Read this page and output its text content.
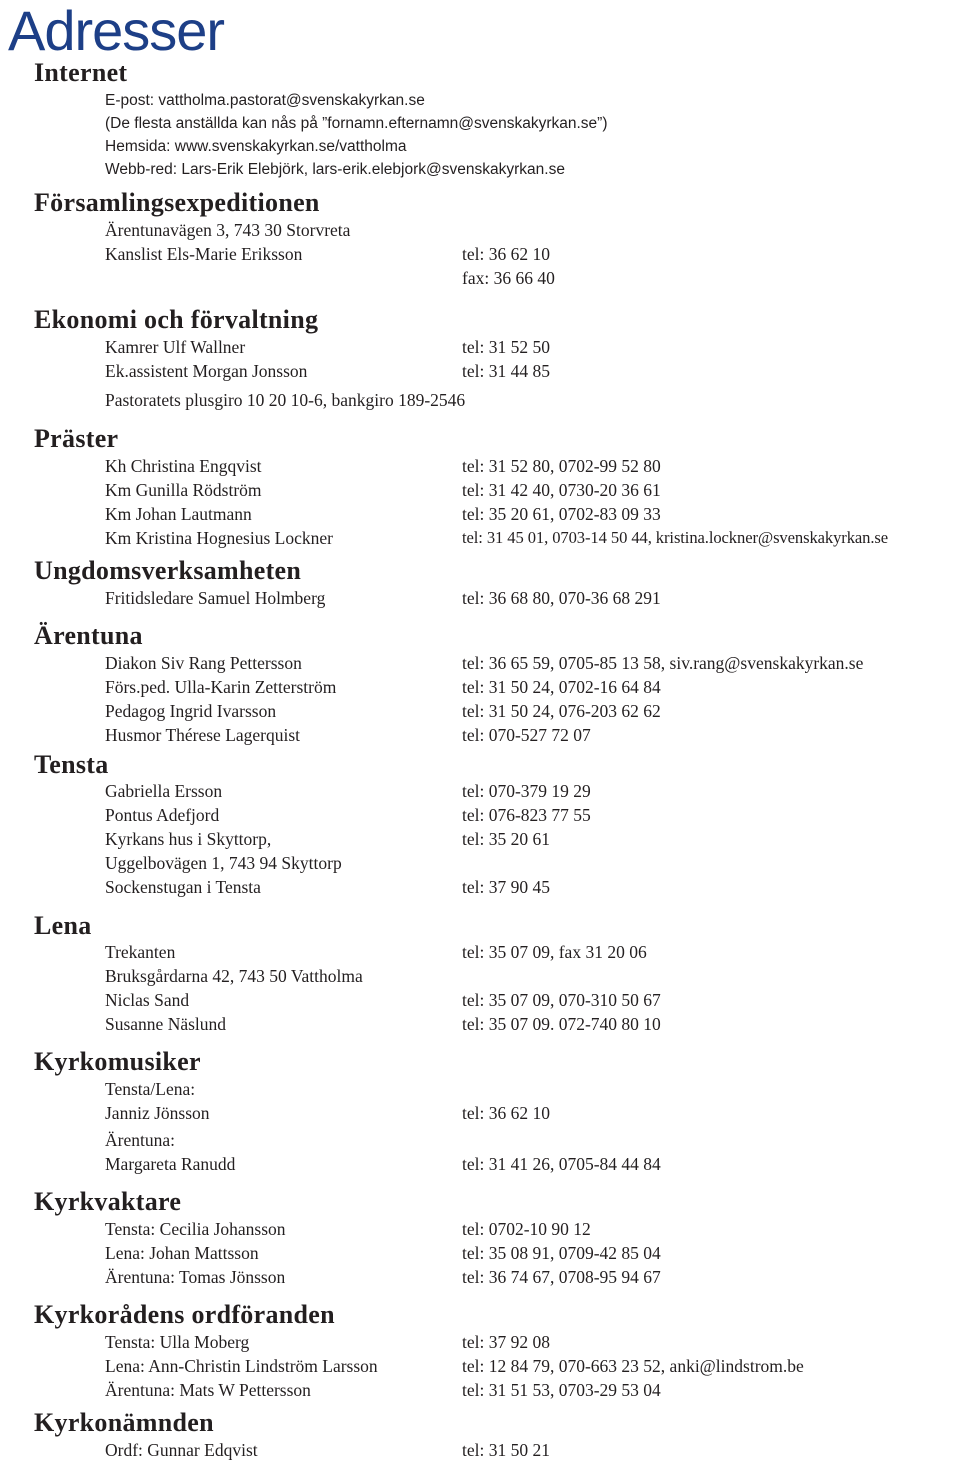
Adresser
Internet
E-post: vattholma.pastorat@svenskakyrkan.se
(De flesta anställda kan nås på ”fornamn.efternamn@svenskakyrkan.se”)
Hemsida: www.svenskakyrkan.se/vattholma
Webb-red: Lars-Erik Elebjörk, lars-erik.elebjork@svenskakyrkan.se
Församlingsexpeditionen
Ärentunavägen 3, 743 30 Storvreta
Kanslist Els-Marie Eriksson	tel: 36 62 10
fax: 36 66 40
Ekonomi och förvaltning
Kamrer Ulf Wallner	tel: 31 52 50
Ek.assistent Morgan Jonsson	tel: 31 44 85
Pastoratets plusgiro 10 20 10-6, bankgiro 189-2546
Präster
Kh Christina Engqvist	tel: 31 52 80, 0702-99 52 80
Km Gunilla Rödström	tel: 31 42 40, 0730-20 36 61
Km Johan Lautmann	tel: 35 20 61, 0702-83 09 33
Km Kristina Hognesius Lockner	tel: 31 45 01, 0703-14 50 44, kristina.lockner@svenskakyrkan.se
Ungdomsverksamheten
Fritidsledare Samuel Holmberg	tel: 36 68 80, 070-36 68 291
Ärentuna
Diakon Siv Rang Pettersson	tel: 36 65 59, 0705-85 13 58, siv.rang@svenskakyrkan.se
Förs.ped. Ulla-Karin Zetterström	tel: 31 50 24, 0702-16 64 84
Pedagog Ingrid Ivarsson	tel: 31 50 24, 076-203 62 62
Husmor Thérese Lagerquist	tel: 070-527 72 07
Tensta
Gabriella Ersson	tel: 070-379 19 29
Pontus Adefjord	tel: 076-823 77 55
Kyrkans hus i Skyttorp,	tel: 35 20 61
Uggelbovägen 1, 743 94 Skyttorp
Sockenstugan i Tensta	tel: 37 90 45
Lena
Trekanten	tel: 35 07 09, fax 31 20 06
Bruksgårdarna 42, 743 50 Vattholma
Niclas Sand	tel: 35 07 09, 070-310 50 67
Susanne Näslund	tel: 35 07 09. 072-740 80 10
Kyrkomusiker
Tensta/Lena:
Janniz Jönsson	tel: 36 62 10
Ärentuna:
Margareta Ranudd	tel: 31 41 26, 0705-84 44 84
Kyrkvaktare
Tensta: Cecilia Johansson	tel: 0702-10 90 12
Lena: Johan Mattsson	tel: 35 08 91, 0709-42 85 04
Ärentuna: Tomas Jönsson	tel: 36 74 67, 0708-95 94 67
Kyrkorådens ordföranden
Tensta: Ulla Moberg	tel: 37 92 08
Lena: Ann-Christin Lindström Larsson	tel: 12 84 79, 070-663 23 52, anki@lindstrom.be
Ärentuna: Mats W Pettersson	tel: 31 51 53, 0703-29 53 04
Kyrkonämnden
Ordf: Gunnar Edqvist	tel: 31 50 21
